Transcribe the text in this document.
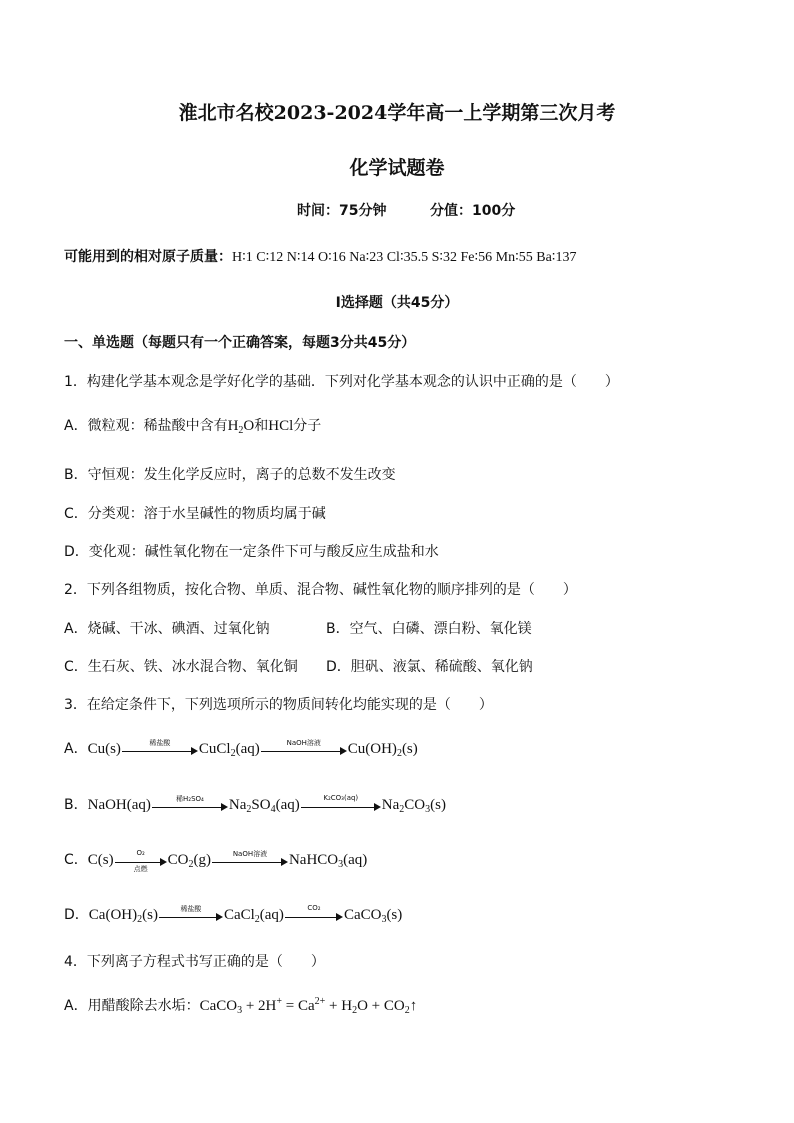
淮北市名校2023-2024学年高一上学期第三次月考
化学试题卷
时间：75分钟	分值：100分
可能用到的相对原子质量：H∶1 C∶12 N∶14 O∶16 Na∶23 Cl∶35.5 S∶32 Fe∶56 Mn∶55 Ba∶137
Ⅰ选择题（共45分）
一、单选题（每题只有一个正确答案，每题3分共45分）
1．构建化学基本观念是学好化学的基础．下列对化学基本观念的认识中正确的是（　　）
A．微粒观：稀盐酸中含有$H_2O$和HCl分子
B．守恒观：发生化学反应时，离子的总数不发生改变
C．分类观：溶于水呈碱性的物质均属于碱
D．变化观：碱性氧化物在一定条件下可与酸反应生成盐和水
2．下列各组物质，按化合物、单质、混合物、碱性氧化物的顺序排列的是（　　）
A．烧碱、干冰、碘酒、过氧化钠	B．空气、白磷、漂白粉、氧化镁
C．生石灰、铁、冰水混合物、氧化铜 D．胆矾、液氯、稀硫酸、氧化钠
3．在给定条件下，下列选项所示的物质间转化均能实现的是（　　）
A．Cu(s)	稀盐酸	CuCl$_2$(aq)	NaOH溶液	$Cu(OH)_2(s)$
B．NaOH(aq)	稀H₂SO₄	$Na_2SO_4(aq)$	K₂CO₃(aq)	$Na_2CO_3(s)$
C．C(s)	O₂
点燃
$CO_2(g)$	NaOH溶液	NaHCO$_3$(aq)
D．$Ca(OH)_2(s)$	稀盐酸	CaCl$_2$(aq)	CO₂	CaCO$_3$(s)
4．下列离子方程式书写正确的是（　　）
A．用醋酸除去水垢：CaCO$_3$ + $2H^+ = Ca^{2+} + H_2O$ + $CO_2↑$
